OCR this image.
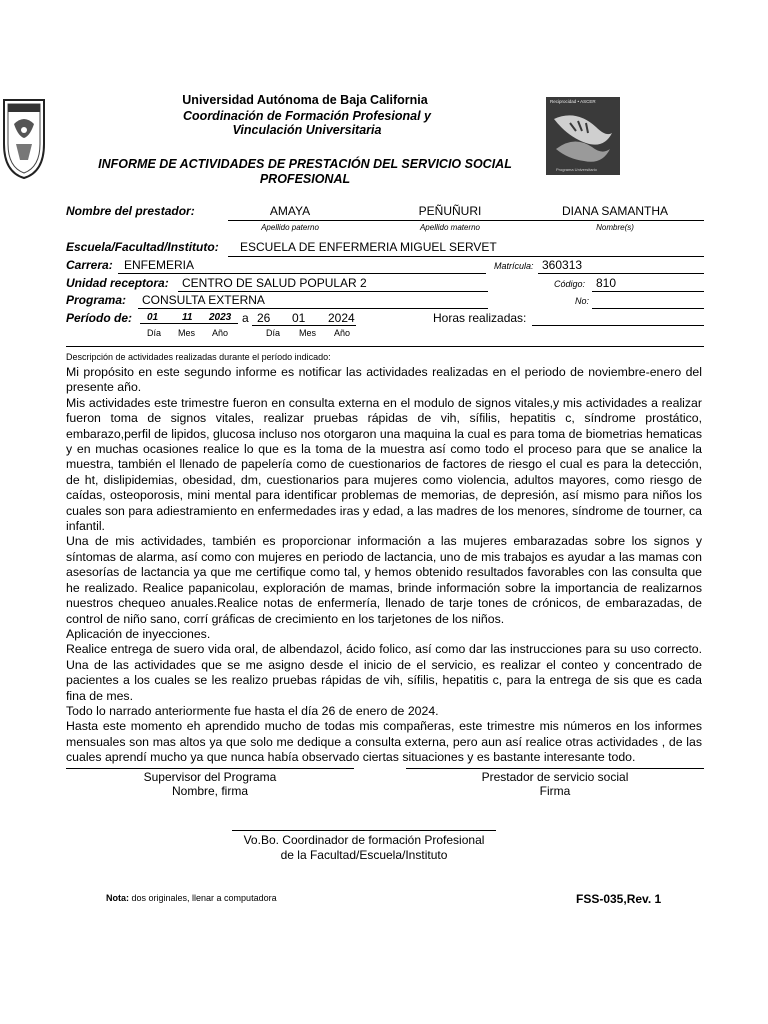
Universidad Autónoma de Baja California
Coordinación de Formación Profesional y
Vinculación Universitaria
INFORME DE ACTIVIDADES DE PRESTACIÓN DEL SERVICIO SOCIAL
PROFESIONAL
Reciprocidad • ASCER
Programa Universitario
Nombre del prestador:	AMAYA	PEÑUÑURI	DIANA SAMANTHA
Apellido paterno	Apellido materno	Nombre(s)
Escuela/Facultad/Instituto: ESCUELA DE ENFERMERIA MIGUEL SERVET
Carrera: ENFEMERIA	Matrícula: 360313
Unidad receptora: CENTRO DE SALUD POPULAR 2	Código: 810
Programa: CONSULTA EXTERNA	No:
Período de: 01 11 2023 a 26 01 2024	Horas realizadas:
Día Mes Año	Día Mes Año
Descripción de actividades realizadas durante el período indicado:

Mi propósito en este segundo informe es notificar las actividades realizadas en el periodo de noviembre-enero del presente año.

Mis actividades este trimestre fueron en consulta externa en el modulo de signos vitales,y mis actividades a realizar fueron toma de signos vitales, realizar pruebas rápidas de vih, sífilis, hepatitis c, síndrome prostático, embarazo,perfil de lipidos, glucosa incluso nos otorgaron una maquina la cual es para toma de biometrias hematicas y en muchas ocasiones realice lo que es la toma de la muestra así como todo el proceso para que se analice la muestra, también el llenado de papelería como de cuestionarios de factores de riesgo el cual es para la detección, de ht, dislipidemias, obesidad, dm, cuestionarios para mujeres como violencia, adultos mayores, como riesgo de caídas, osteoporosis, mini mental para identificar problemas de memorias, de depresión, así mismo para niños los cuales son para adiestramiento en enfermedades iras y edad, a las madres de los menores, síndrome de tourner, ca infantil.

Una de mis actividades, también es proporcionar información a las mujeres embarazadas sobre los signos y síntomas de alarma, así como con mujeres en periodo de lactancia, uno de mis trabajos es ayudar a las mamas con asesorías de lactancia ya que me certifique como tal, y hemos obtenido resultados favorables con las consulta que he realizado. Realice papanicolau, exploración de mamas, brinde información sobre la importancia de realizarnos nuestros chequeo anuales.Realice notas de enfermería, llenado de tarje tones de crónicos, de embarazadas, de control de niño sano, corrí gráficas de crecimiento en los tarjetones de los niños.

Aplicación de inyecciones.

Realice entrega de suero vida oral, de albendazol, ácido folico, así como dar las instrucciones para su uso correcto. Una de las actividades que se me asigno desde el inicio de el servicio, es realizar el conteo y concentrado de pacientes a los cuales se les realizo pruebas rápidas de vih, sífilis, hepatitis c, para la entrega de sis que es cada fina de mes.

Todo lo narrado anteriormente fue hasta el día 26 de enero de 2024.

Hasta este momento eh aprendido mucho de todas mis compañeras, este trimestre mis números en los informes mensuales son mas altos ya que solo me dedique a consulta externa, pero aun así realice otras actividades , de las cuales aprendí mucho ya que nunca había observado ciertas situaciones y es bastante interesante todo.

Supervisor del Programa
Nombre, firma
Prestador de servicio social
Firma
Vo.Bo. Coordinador de formación Profesional
de la Facultad/Escuela/Instituto
Nota: dos originales, llenar a computadora	FSS-035,Rev. 1
